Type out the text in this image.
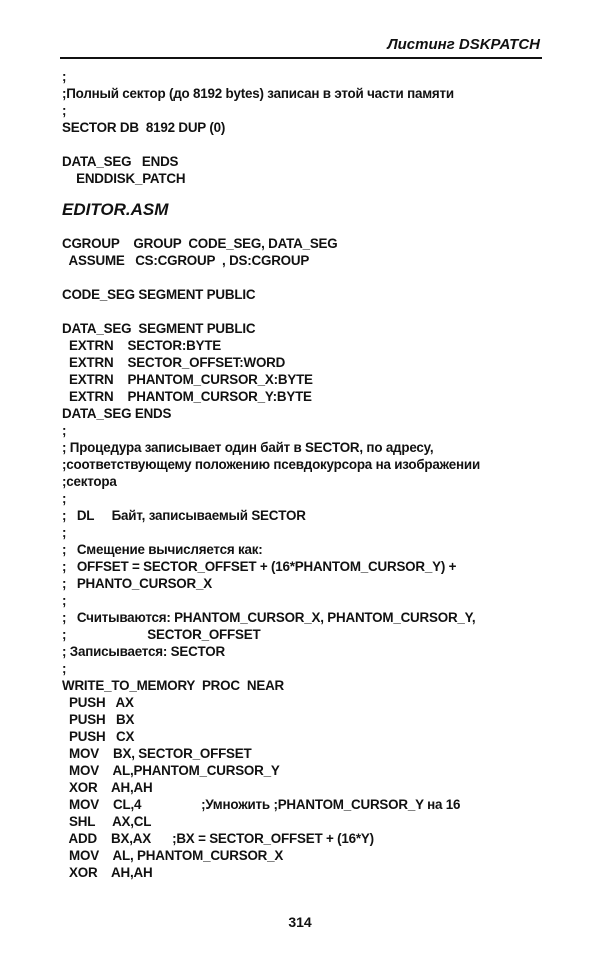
Листинг DSKPATCH
;
;Полный сектор (до 8192 bytes) записан в этой части памяти
;
SECTOR DB  8192 DUP (0)
DATA_SEG   ENDS
ENDDISK_PATCH
EDITOR.ASM
CGROUP    GROUP  CODE_SEG, DATA_SEG
ASSUME   CS:CGROUP  , DS:CGROUP
CODE_SEG SEGMENT PUBLIC
DATA_SEG  SEGMENT PUBLIC
EXTRN    SECTOR:BYTE
EXTRN    SECTOR_OFFSET:WORD
EXTRN    PHANTOM_CURSOR_X:BYTE
EXTRN    PHANTOM_CURSOR_Y:BYTE
DATA_SEG ENDS
;
; Процедура записывает один байт в SECTOR, по адресу,
;соответствующему положению псевдокурсора на изображении
;сектора
;
;   DL     Байт, записываемый SECTOR
;
;   Смещение вычисляется как:
;   OFFSET = SECTOR_OFFSET + (16*PHANTOM_CURSOR_Y) +
;   PHANTO_CURSOR_X
;
;   Считываются: PHANTOM_CURSOR_X, PHANTOM_CURSOR_Y,
;                       SECTOR_OFFSET
; Записывается: SECTOR
;
WRITE_TO_MEMORY  PROC  NEAR
PUSH   AX
PUSH   BX
PUSH   CX
MOV    BX, SECTOR_OFFSET
MOV    AL,PHANTOM_CURSOR_Y
XOR    AH,AH
MOV    CL,4                 ;Умножить ;PHANTOM_CURSOR_Y на 16
SHL     AX,CL
ADD    BX,AX      ;BX = SECTOR_OFFSET + (16*Y)
MOV    AL, PHANTOM_CURSOR_X
XOR    AH,AH
314
